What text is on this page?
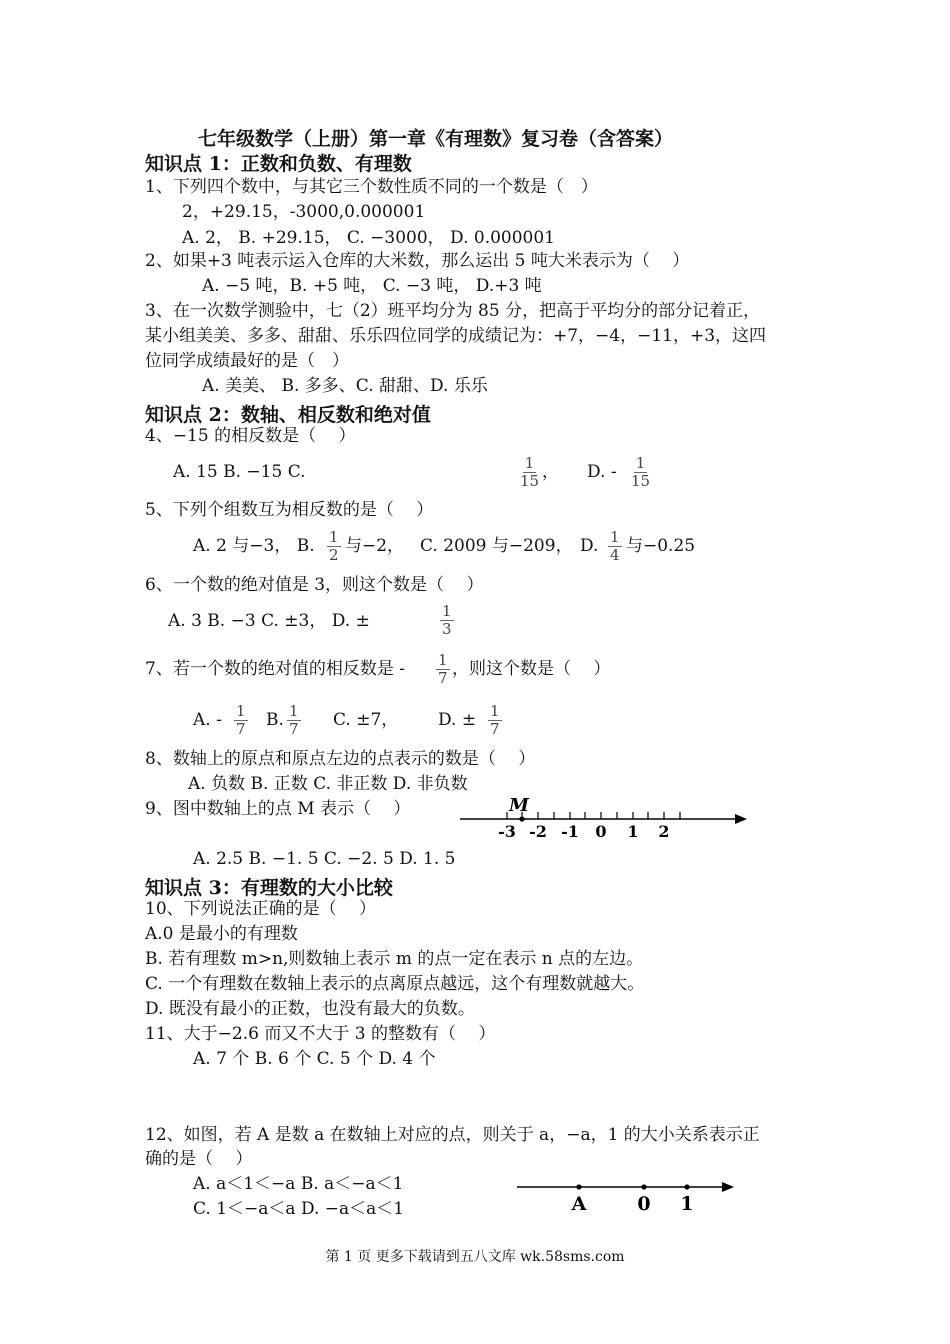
七年级数学（上册）第一章《有理数》复习卷（含答案）
知识点 1：正数和负数、有理数
1、下列四个数中，与其它三个数性质不同的一个数是（　）
2，+29.15，-3000,0.000001
A. 2， B. +29.15， C. −3000， D. 0.000001
2、如果+3 吨表示运入仓库的大米数，那么运出 5 吨大米表示为（　 ）
A. −5 吨，B. +5 吨， C. −3 吨， D.+3 吨
3、在一次数学测验中，七（2）班平均分为 85 分，把高于平均分的部分记着正，
某小组美美、多多、甜甜、乐乐四位同学的成绩记为：+7，−4，−11，+3，这四
位同学成绩最好的是（　）
A. 美美、 B. 多多、C. 甜甜、D. 乐乐
知识点 2：数轴、相反数和绝对值
4、−15 的相反数是（　 ）
A. 15 B. −15 C.	$\frac{1}{15}$ ， D. - $\frac{1}{15}$
5、下列个组数互为相反数的是（　 ）
A. 2 与−3， B. $\frac{1}{2}$ 与−2， C. 2009 与−209， D. $\frac{1}{4}$ 与−0.25
6、一个数的绝对值是 3，则这个数是（　 ）
A. 3 B. −3 C. ±3， D. ±	$\frac{1}{3}$
7、若一个数的绝对值的相反数是 - $\frac{1}{7}$ ，则这个数是（　 ）
A. - $\frac{1}{7} B$. $\frac{1}{7} C$. ±7， D. ± $\frac{1}{7}$
8、数轴上的原点和原点左边的点表示的数是（　 ）
A. 负数 B. 正数 C. 非正数 D. 非负数
9、图中数轴上的点 M 表示（　 ）	M
-3 -2 -1 0 1 2
A. 2.5 B. −1. 5 C. −2. 5 D. 1. 5
知识点 3：有理数的大小比较
10、下列说法正确的是（　 ）
A.0 是最小的有理数
B. 若有理数 m>n,则数轴上表示 m 的点一定在表示 n 点的左边。
C. 一个有理数在数轴上表示的点离原点越远，这个有理数就越大。
D. 既没有最小的正数，也没有最大的负数。
11、大于−2.6 而又不大于 3 的整数有（　 ）
A. 7 个 B. 6 个 C. 5 个 D. 4 个
12、如图，若 A 是数 a 在数轴上对应的点，则关于 a，−a，1 的大小关系表示正
确的是（　 ）
A. a＜1＜−a B. a＜−a＜1
C. 1＜−a＜a D. −a＜a＜1	A	0 1
第 1 页 更多下载请到五八文库 wk.58sms.com
